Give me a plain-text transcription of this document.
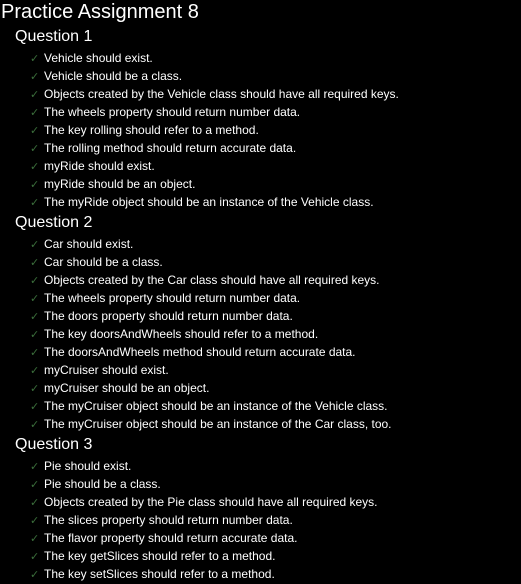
Practice Assignment 8
Question 1
✓ Vehicle should exist.
✓ Vehicle should be a class.
✓ Objects created by the Vehicle class should have all required keys.
✓ The wheels property should return number data.
✓ The key rolling should refer to a method.
✓ The rolling method should return accurate data.
✓ myRide should exist.
✓ myRide should be an object.
✓ The myRide object should be an instance of the Vehicle class.
Question 2
✓ Car should exist.
✓ Car should be a class.
✓ Objects created by the Car class should have all required keys.
✓ The wheels property should return number data.
✓ The doors property should return number data.
✓ The key doorsAndWheels should refer to a method.
✓ The doorsAndWheels method should return accurate data.
✓ myCruiser should exist.
✓ myCruiser should be an object.
✓ The myCruiser object should be an instance of the Vehicle class.
✓ The myCruiser object should be an instance of the Car class, too.
Question 3
✓ Pie should exist.
✓ Pie should be a class.
✓ Objects created by the Pie class should have all required keys.
✓ The slices property should return number data.
✓ The flavor property should return accurate data.
✓ The key getSlices should refer to a method.
✓ The key setSlices should refer to a method.
